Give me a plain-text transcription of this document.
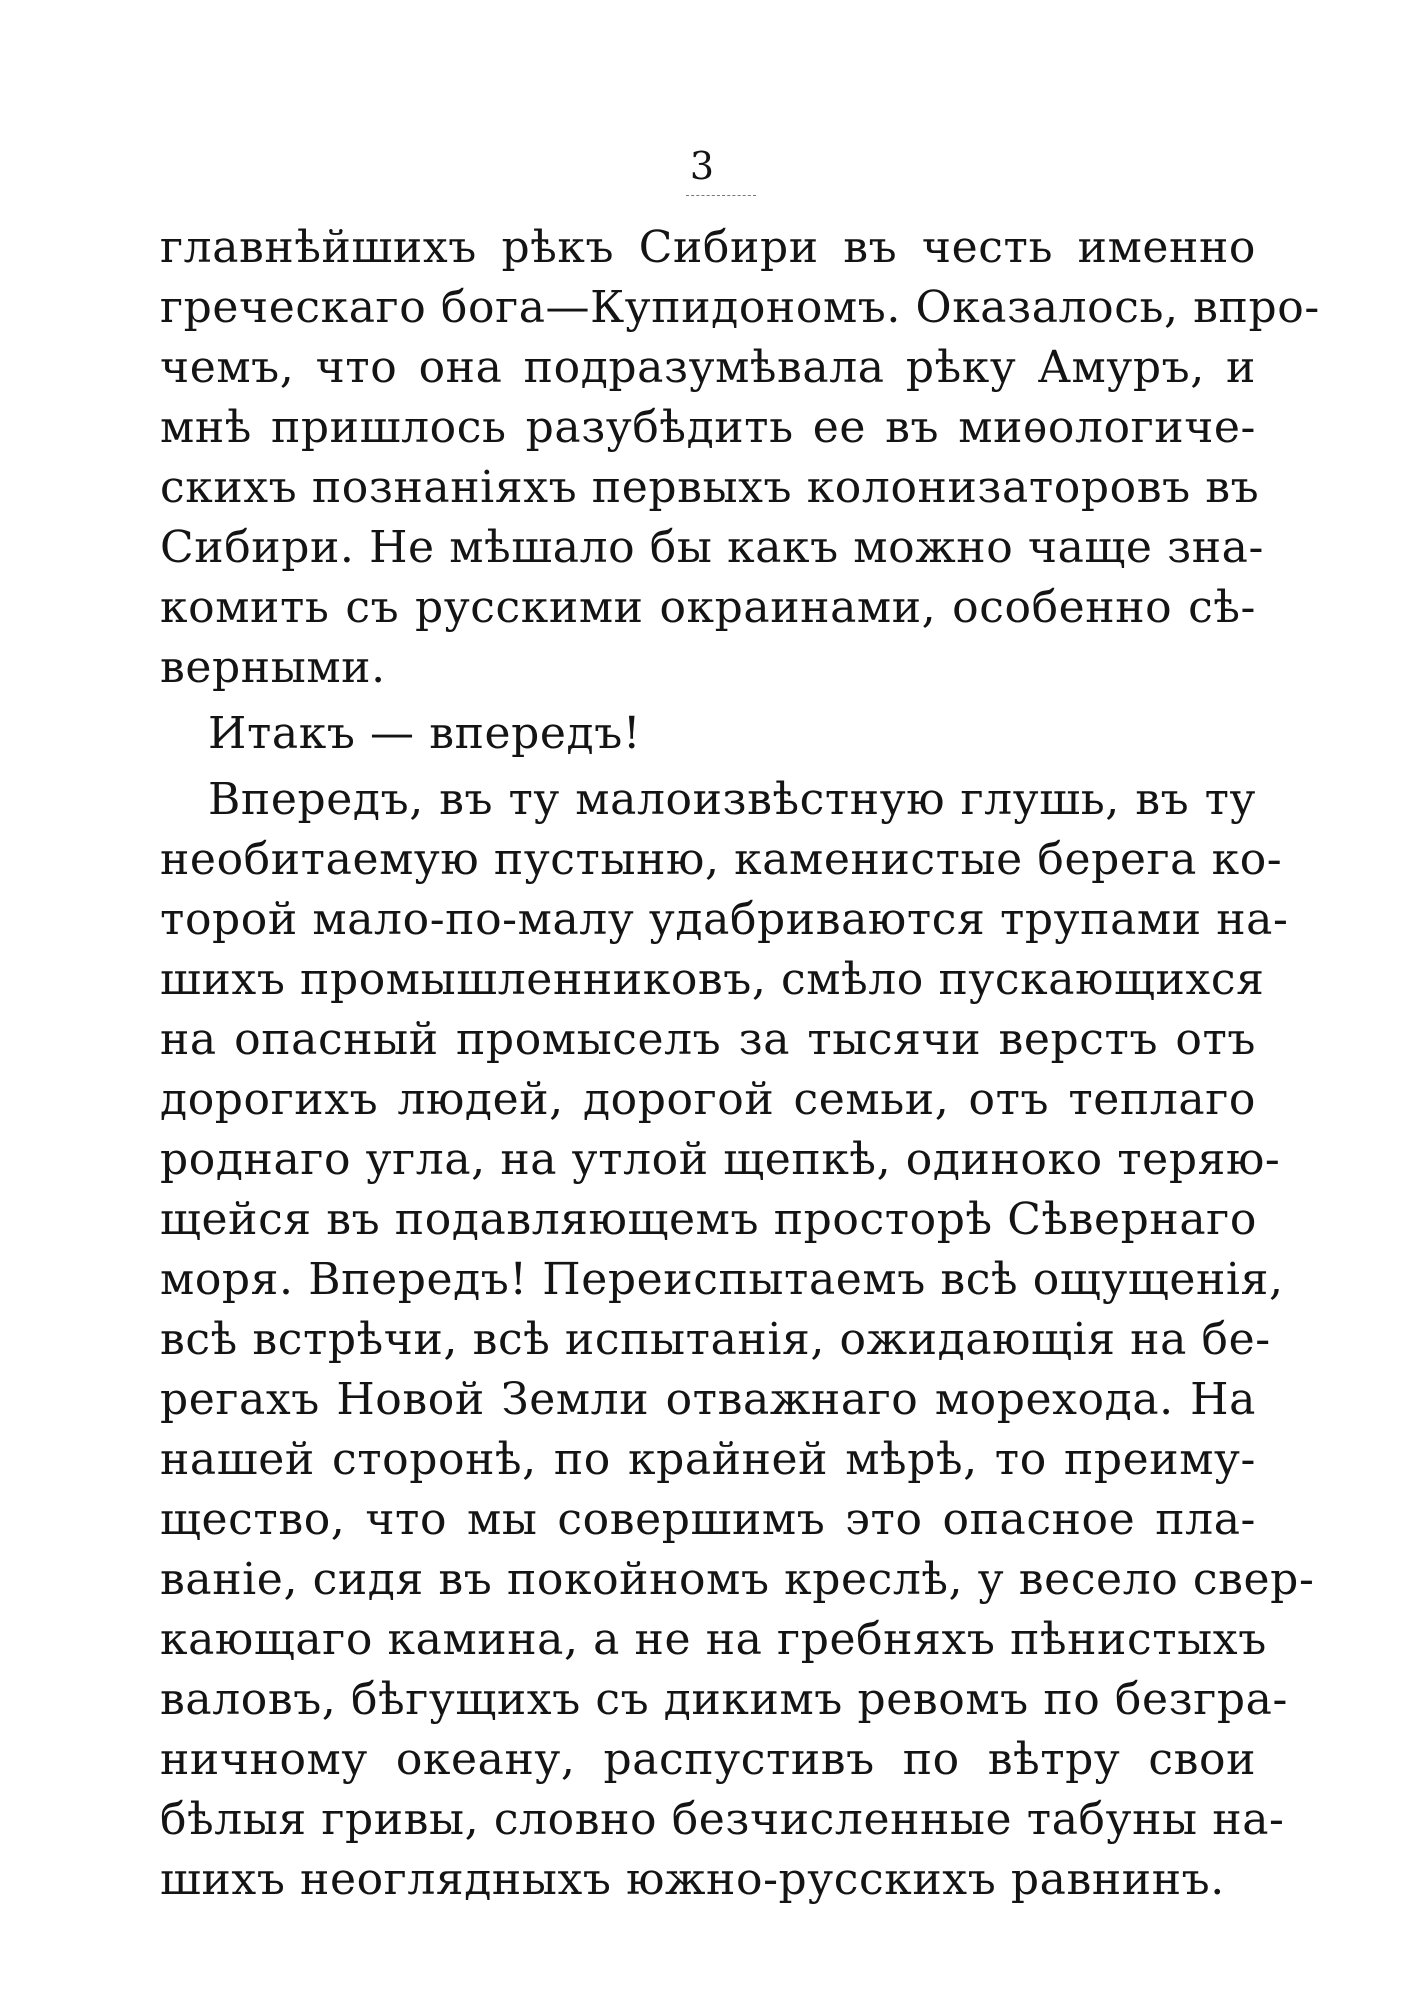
3
главнѣйшихъ рѣкъ Сибири въ честь именно
греческаго бога—Купидономъ. Оказалось, впро-
чемъ, что она подразумѣвала рѣку Амуръ, и
мнѣ пришлось разубѣдить ее въ миѳологиче-
скихъ познаніяхъ первыхъ колонизаторовъ въ
Сибири. Не мѣшало бы какъ можно чаще зна-
комить съ русскими окраинами, особенно сѣ-
верными.
Итакъ — впередъ!
Впередъ, въ ту малоизвѣстную глушь, въ ту
необитаемую пустыню, каменистые берега ко-
торой мало-по-малу удабриваются трупами на-
шихъ промышленниковъ, смѣло пускающихся
на опасный промыселъ за тысячи верстъ отъ
дорогихъ людей, дорогой семьи, отъ теплаго
роднаго угла, на утлой щепкѣ, одиноко теряю-
щейся въ подавляющемъ просторѣ Сѣвернаго
моря. Впередъ! Переиспытаемъ всѣ ощущенія,
всѣ встрѣчи, всѣ испытанія, ожидающія на бе-
регахъ Новой Земли отважнаго морехода. На
нашей сторонѣ, по крайней мѣрѣ, то преиму-
щество, что мы совершимъ это опасное пла-
ваніе, сидя въ покойномъ креслѣ, у весело свер-
кающаго камина, а не на гребняхъ пѣнистыхъ
валовъ, бѣгущихъ съ дикимъ ревомъ по безгра-
ничному океану, распустивъ по вѣтру свои
бѣлыя гривы, словно безчисленные табуны на-
шихъ неоглядныхъ южно-русскихъ равнинъ.
